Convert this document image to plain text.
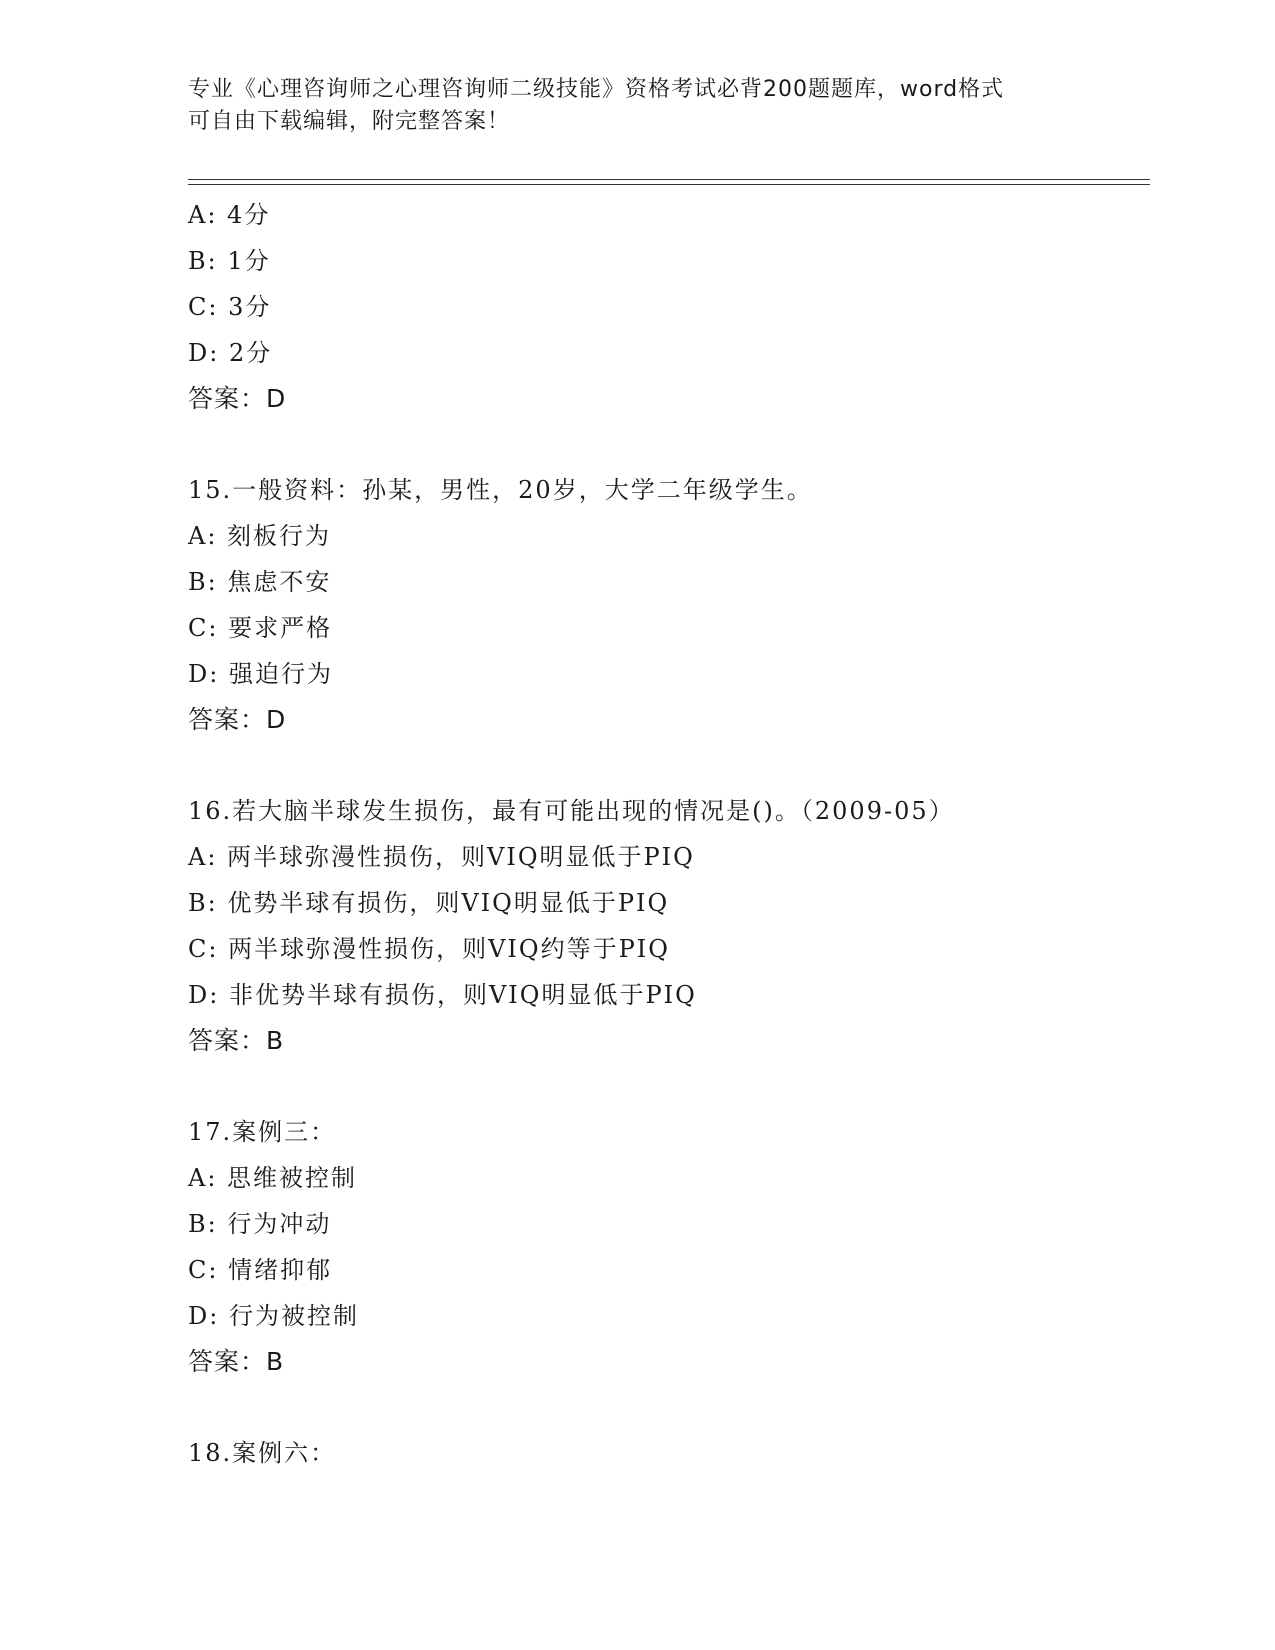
专业《心理咨询师之心理咨询师二级技能》资格考试必背200题题库，word格式
可自由下载编辑，附完整答案！
A: 4分
B: 1分
C: 3分
D: 2分
答案：D
15.一般资料：孙某，男性，20岁，大学二年级学生。
A: 刻板行为
B: 焦虑不安
C: 要求严格
D: 强迫行为
答案：D
16.若大脑半球发生损伤，最有可能出现的情况是()。（2009-05）
A: 两半球弥漫性损伤，则VIQ明显低于PIQ
B: 优势半球有损伤，则VIQ明显低于PIQ
C: 两半球弥漫性损伤，则VIQ约等于PIQ
D: 非优势半球有损伤，则VIQ明显低于PIQ
答案：B
17.案例三：
A: 思维被控制
B: 行为冲动
C: 情绪抑郁
D: 行为被控制
答案：B
18.案例六：
